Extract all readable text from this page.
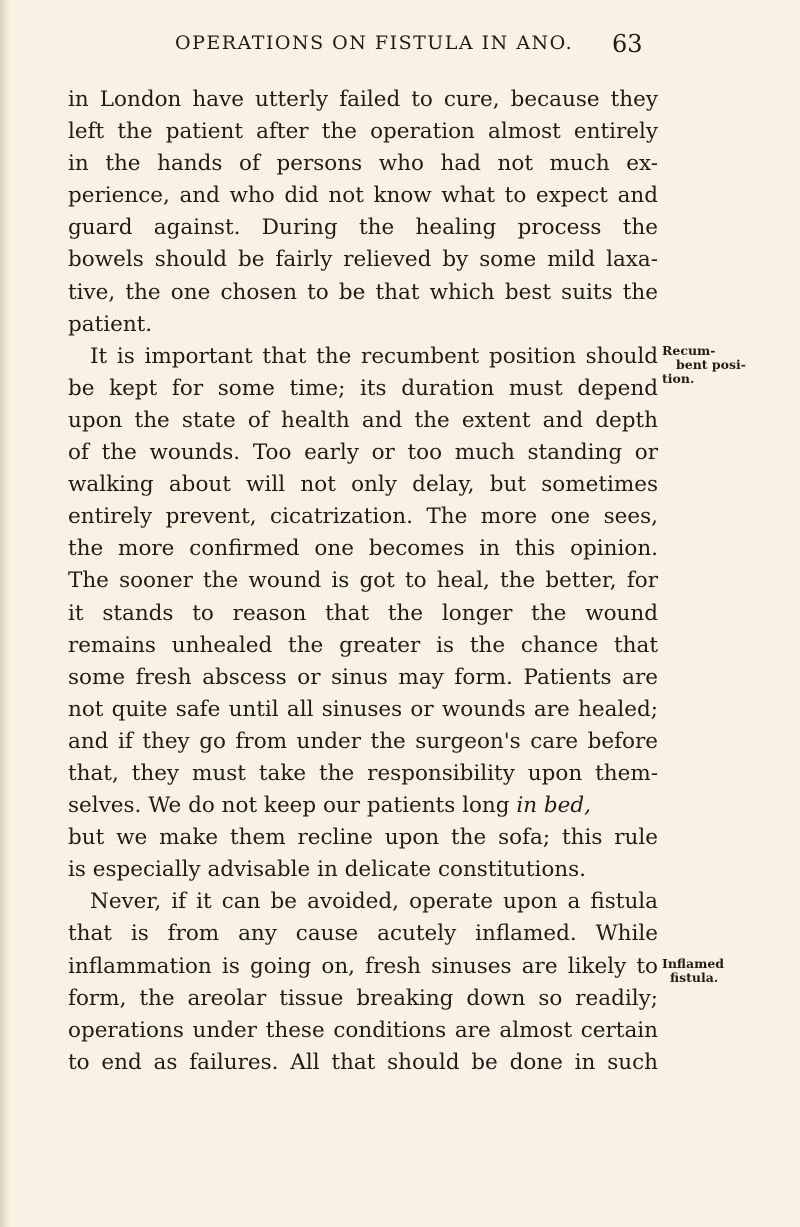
OPERATIONS ON FISTULA IN ANO. 63
in London have utterly failed to cure, because they
left the patient after the operation almost entirely
in the hands of persons who had not much ex-
perience, and who did not know what to expect and
guard against. During the healing process the
bowels should be fairly relieved by some mild laxa-
tive, the one chosen to be that which best suits the
patient.
It is important that the recumbent position should
be kept for some time; its duration must depend
upon the state of health and the extent and depth
of the wounds. Too early or too much standing or
walking about will not only delay, but sometimes
entirely prevent, cicatrization. The more one sees,
the more confirmed one becomes in this opinion.
The sooner the wound is got to heal, the better, for
it stands to reason that the longer the wound
remains unhealed the greater is the chance that
some fresh abscess or sinus may form. Patients are
not quite safe until all sinuses or wounds are healed;
and if they go from under the surgeon's care before
that, they must take the responsibility upon them-
selves. We do not keep our patients long in bed,
but we make them recline upon the sofa; this rule
is especially advisable in delicate constitutions.
Never, if it can be avoided, operate upon a fistula
that is from any cause acutely inflamed. While
inflammation is going on, fresh sinuses are likely to
form, the areolar tissue breaking down so readily;
operations under these conditions are almost certain
to end as failures. All that should be done in such
Recum-
bent posi-
tion.
Inflamed
fistula.
